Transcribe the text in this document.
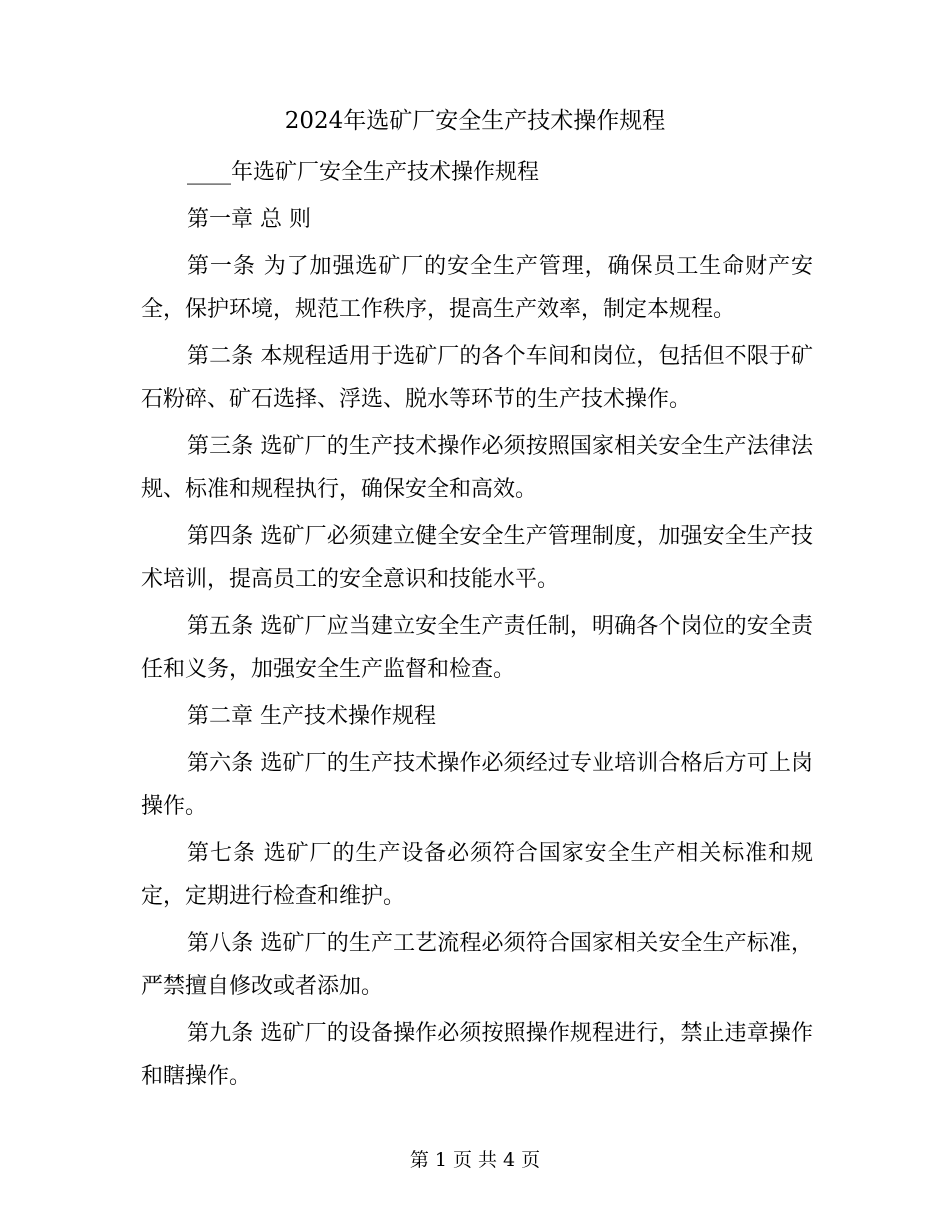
2024年选矿厂安全生产技术操作规程

____年选矿厂安全生产技术操作规程

第一章 总 则

第一条 为了加强选矿厂的安全生产管理，确保员工生命财产安全，保护环境，规范工作秩序，提高生产效率，制定本规程。

第二条 本规程适用于选矿厂的各个车间和岗位，包括但不限于矿石粉碎、矿石选择、浮选、脱水等环节的生产技术操作。

第三条 选矿厂的生产技术操作必须按照国家相关安全生产法律法规、标准和规程执行，确保安全和高效。

第四条 选矿厂必须建立健全安全生产管理制度，加强安全生产技术培训，提高员工的安全意识和技能水平。

第五条 选矿厂应当建立安全生产责任制，明确各个岗位的安全责任和义务，加强安全生产监督和检查。

第二章 生产技术操作规程

第六条 选矿厂的生产技术操作必须经过专业培训合格后方可上岗操作。

第七条 选矿厂的生产设备必须符合国家安全生产相关标准和规定，定期进行检查和维护。

第八条 选矿厂的生产工艺流程必须符合国家相关安全生产标准，严禁擅自修改或者添加。

第九条 选矿厂的设备操作必须按照操作规程进行，禁止违章操作和瞎操作。

第 1 页 共 4 页
